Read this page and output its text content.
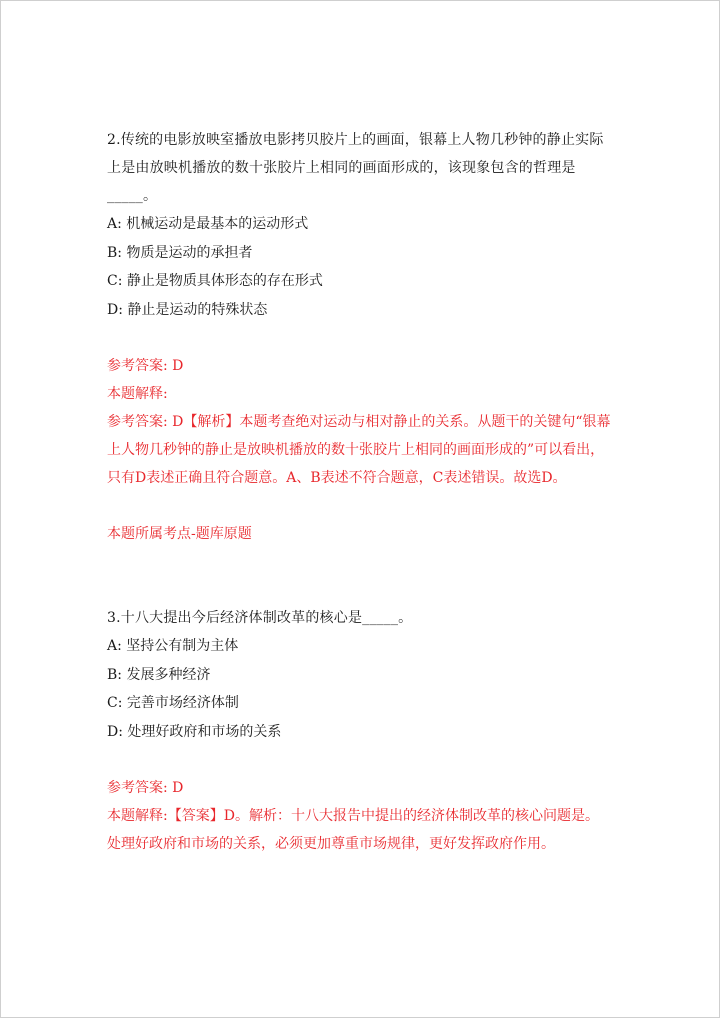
2.传统的电影放映室播放电影拷贝胶片上的画面，银幕上人物几秒钟的静止实际上是由放映机播放的数十张胶片上相同的画面形成的，该现象包含的哲理是_____。

A: 机械运动是最基本的运动形式

B: 物质是运动的承担者

C: 静止是物质具体形态的存在形式

D: 静止是运动的特殊状态

参考答案: D

本题解释:

参考答案: D【解析】本题考查绝对运动与相对静止的关系。从题干的关键句“银幕上人物几秒钟的静止是放映机播放的数十张胶片上相同的画面形成的”可以看出，只有D表述正确且符合题意。A、B表述不符合题意，C表述错误。故选D。

本题所属考点-题库原题

3.十八大提出今后经济体制改革的核心是_____。

A: 坚持公有制为主体

B: 发展多种经济

C: 完善市场经济体制

D: 处理好政府和市场的关系

参考答案: D

本题解释:【答案】D。解析：十八大报告中提出的经济体制改革的核心问题是。处理好政府和市场的关系，必须更加尊重市场规律，更好发挥政府作用。
